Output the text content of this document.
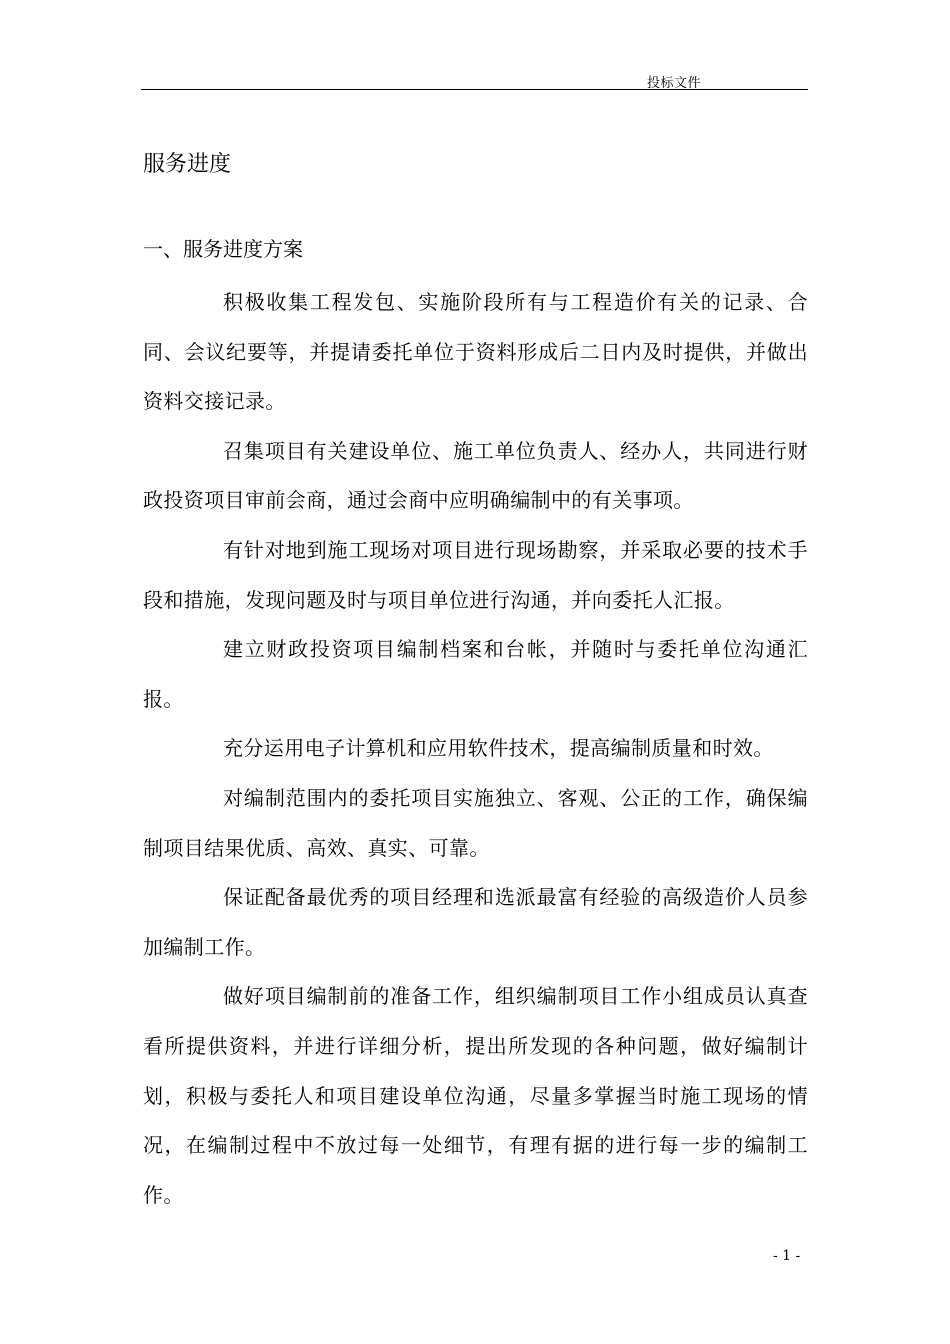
投标文件
服务进度
一、服务进度方案

积极收集工程发包、实施阶段所有与工程造价有关的记录、合同、会议纪要等，并提请委托单位于资料形成后二日内及时提供，并做出资料交接记录。

召集项目有关建设单位、施工单位负责人、经办人，共同进行财政投资项目审前会商，通过会商中应明确编制中的有关事项。

有针对地到施工现场对项目进行现场勘察，并采取必要的技术手段和措施，发现问题及时与项目单位进行沟通，并向委托人汇报。

建立财政投资项目编制档案和台帐，并随时与委托单位沟通汇报。

充分运用电子计算机和应用软件技术，提高编制质量和时效。

对编制范围内的委托项目实施独立、客观、公正的工作，确保编制项目结果优质、高效、真实、可靠。

保证配备最优秀的项目经理和选派最富有经验的高级造价人员参加编制工作。

做好项目编制前的准备工作，组织编制项目工作小组成员认真查看所提供资料，并进行详细分析，提出所发现的各种问题，做好编制计划，积极与委托人和项目建设单位沟通，尽量多掌握当时施工现场的情况，在编制过程中不放过每一处细节，有理有据的进行每一步的编制工作。

- 1 -
